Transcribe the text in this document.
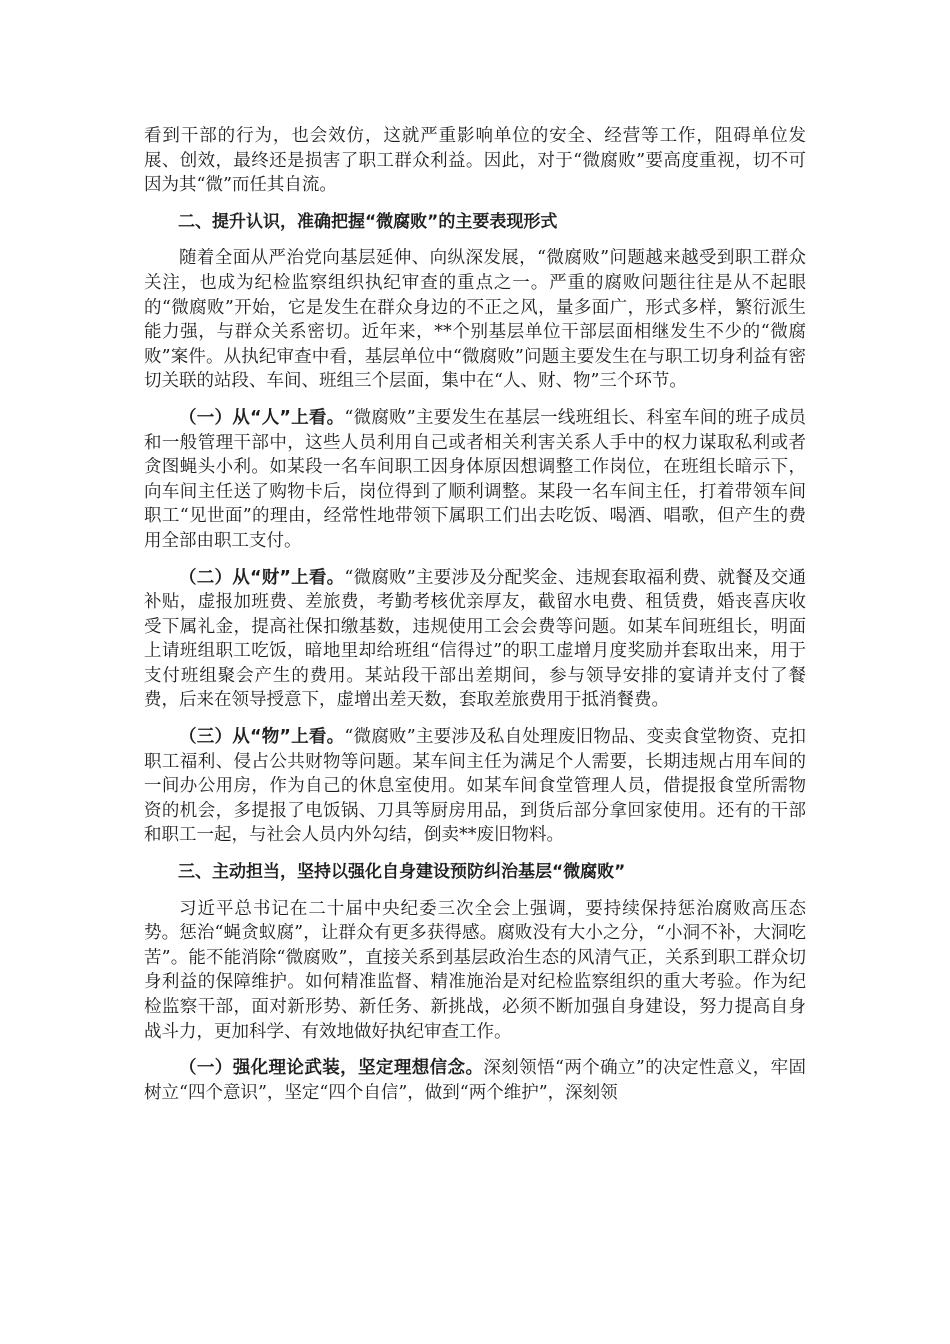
看到干部的行为，也会效仿，这就严重影响单位的安全、经营等工作，阻碍单位发展、创效，最终还是损害了职工群众利益。因此，对于“微腐败”要高度重视，切不可因为其“微”而任其自流。

二、提升认识，准确把握“微腐败”的主要表现形式

随着全面从严治党向基层延伸、向纵深发展，“微腐败”问题越来越受到职工群众关注，也成为纪检监察组织执纪审查的重点之一。严重的腐败问题往往是从不起眼的“微腐败”开始，它是发生在群众身边的不正之风，量多面广，形式多样，繁衍派生能力强，与群众关系密切。近年来，**个别基层单位干部层面相继发生不少的“微腐败”案件。从执纪审查中看，基层单位中“微腐败”问题主要发生在与职工切身利益有密切关联的站段、车间、班组三个层面，集中在“人、财、物”三个环节。

（一）从“人”上看。“微腐败”主要发生在基层一线班组长、科室车间的班子成员和一般管理干部中，这些人员利用自己或者相关利害关系人手中的权力谋取私利或者贪图蝇头小利。如某段一名车间职工因身体原因想调整工作岗位，在班组长暗示下，向车间主任送了购物卡后，岗位得到了顺利调整。某段一名车间主任，打着带领车间职工“见世面”的理由，经常性地带领下属职工们出去吃饭、喝酒、唱歌，但产生的费用全部由职工支付。

（二）从“财”上看。“微腐败”主要涉及分配奖金、违规套取福利费、就餐及交通补贴，虚报加班费、差旅费，考勤考核优亲厚友，截留水电费、租赁费，婚丧喜庆收受下属礼金，提高社保扣缴基数，违规使用工会会费等问题。如某车间班组长，明面上请班组职工吃饭，暗地里却给班组“信得过”的职工虚增月度奖励并套取出来，用于支付班组聚会产生的费用。某站段干部出差期间，参与领导安排的宴请并支付了餐费，后来在领导授意下，虚增出差天数，套取差旅费用于抵消餐费。

（三）从“物”上看。“微腐败”主要涉及私自处理废旧物品、变卖食堂物资、克扣职工福利、侵占公共财物等问题。某车间主任为满足个人需要，长期违规占用车间的一间办公用房，作为自己的休息室使用。如某车间食堂管理人员，借提报食堂所需物资的机会，多提报了电饭锅、刀具等厨房用品，到货后部分拿回家使用。还有的干部和职工一起，与社会人员内外勾结，倒卖**废旧物料。

三、主动担当，坚持以强化自身建设预防纠治基层“微腐败”

习近平总书记在二十届中央纪委三次全会上强调，要持续保持惩治腐败高压态势。惩治“蝇贪蚁腐”，让群众有更多获得感。腐败没有大小之分，“小洞不补，大洞吃苦”。能不能消除“微腐败”，直接关系到基层政治生态的风清气正，关系到职工群众切身利益的保障维护。如何精准监督、精准施治是对纪检监察组织的重大考验。作为纪检监察干部，面对新形势、新任务、新挑战，必须不断加强自身建设，努力提高自身战斗力，更加科学、有效地做好执纪审查工作。

（一）强化理论武装，坚定理想信念。深刻领悟“两个确立”的决定性意义，牢固树立“四个意识”，坚定“四个自信”，做到“两个维护”，深刻领
